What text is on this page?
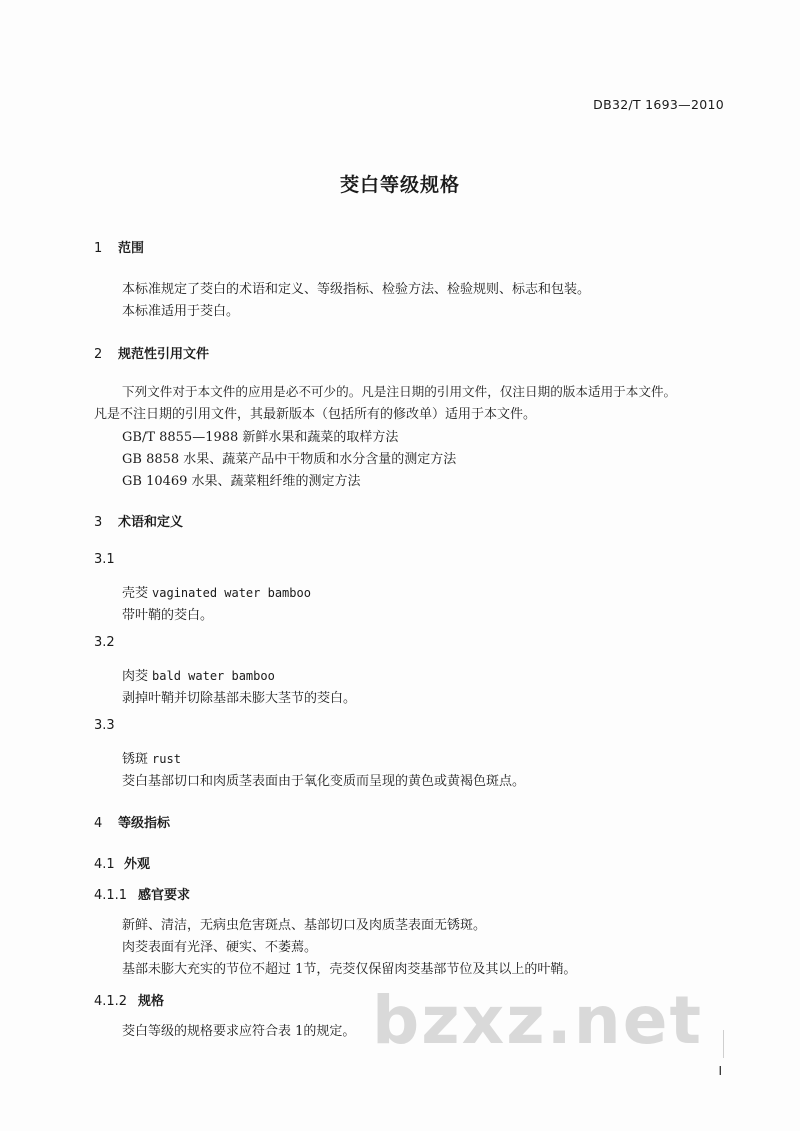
DB32/T 1693—2010
茭白等级规格
1 范围
本标准规定了茭白的术语和定义、等级指标、检验方法、检验规则、标志和包装。
本标准适用于茭白。
2 规范性引用文件
下列文件对于本文件的应用是必不可少的。凡是注日期的引用文件，仅注日期的版本适用于本文件。
凡是不注日期的引用文件，其最新版本（包括所有的修改单）适用于本文件。
GB/T 8855—1988 新鲜水果和蔬菜的取样方法
GB 8858 水果、蔬菜产品中干物质和水分含量的测定方法
GB 10469 水果、蔬菜粗纤维的测定方法
3 术语和定义
3.1
壳茭 vaginated water bamboo
带叶鞘的茭白。
3.2
肉茭 bald water bamboo
剥掉叶鞘并切除基部未膨大茎节的茭白。
3.3
锈斑 rust
茭白基部切口和肉质茎表面由于氧化变质而呈现的黄色或黄褐色斑点。
4 等级指标
4.1 外观
4.1.1 感官要求
新鲜、清洁，无病虫危害斑点、基部切口及肉质茎表面无锈斑。
肉茭表面有光泽、硬实、不萎蔫。
基部未膨大充实的节位不超过 1节，壳茭仅保留肉茭基部节位及其以上的叶鞘。
4.1.2 规格
茭白等级的规格要求应符合表 1的规定。 bzxz.net
I
